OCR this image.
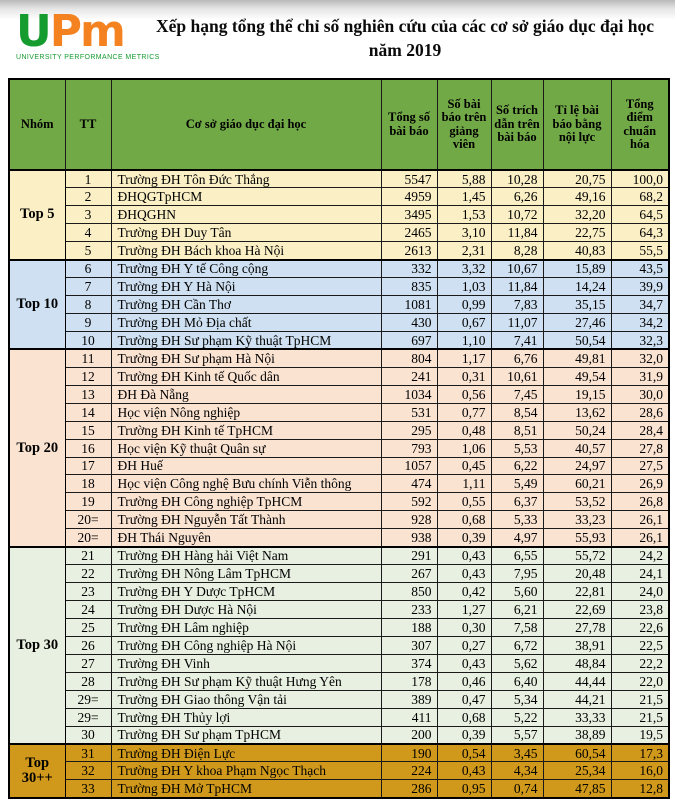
UPm
UNIVERSITY PERFORMANCE METRICS
Xếp hạng tổng thể chỉ số nghiên cứu của các cơ sở giáo dục đại học
năm 2019
Nhóm	TT	Cơ sở giáo dục đại học	Tổng số bài báo	Số bài báo trên giảng viên	Số trích dẫn trên bài báo	Tỉ lệ bài báo bằng nội lực	Tổng điểm chuẩn hóa
Top 5	1	Trường ĐH Tôn Đức Thắng	5547	5,88	10,28	20,75	100,0
	2	ĐHQGTpHCM	4959	1,45	6,26	49,16	68,2
	3	ĐHQGHN	3495	1,53	10,72	32,20	64,5
	4	Trường ĐH Duy Tân	2465	3,10	11,84	22,75	64,3
	5	Trường ĐH Bách khoa Hà Nội	2613	2,31	8,28	40,83	55,5
Top 10	6	Trường ĐH Y tế Công cộng	332	3,32	10,67	15,89	43,5
	7	Trường ĐH Y Hà Nội	835	1,03	11,84	14,24	39,9
	8	Trường ĐH Cần Thơ	1081	0,99	7,83	35,15	34,7
	9	Trường ĐH Mỏ Địa chất	430	0,67	11,07	27,46	34,2
	10	Trường ĐH Sư phạm Kỹ thuật TpHCM	697	1,10	7,41	50,54	32,3
Top 20	11	Trường ĐH Sư phạm Hà Nội	804	1,17	6,76	49,81	32,0
	12	Trường ĐH Kinh tế Quốc dân	241	0,31	10,61	49,54	31,9
	13	ĐH Đà Nẵng	1034	0,56	7,45	19,15	30,0
	14	Học viện Nông nghiệp	531	0,77	8,54	13,62	28,6
	15	Trường ĐH Kinh tế TpHCM	295	0,48	8,51	50,24	28,4
	16	Học viện Kỹ thuật Quân sự	793	1,06	5,53	40,57	27,8
	17	ĐH Huế	1057	0,45	6,22	24,97	27,5
	18	Học viện Công nghệ Bưu chính Viễn thông	474	1,11	5,49	60,21	26,9
	19	Trường ĐH Công nghiệp TpHCM	592	0,55	6,37	53,52	26,8
	20=	Trường ĐH Nguyễn Tất Thành	928	0,68	5,33	33,23	26,1
	20=	ĐH Thái Nguyên	938	0,39	4,97	55,93	26,1
Top 30	21	Trường ĐH Hàng hải Việt Nam	291	0,43	6,55	55,72	24,2
	22	Trường ĐH Nông Lâm TpHCM	267	0,43	7,95	20,48	24,1
	23	Trường ĐH Y Dược TpHCM	850	0,42	5,60	22,81	24,0
	24	Trường ĐH Dược Hà Nội	233	1,27	6,21	22,69	23,8
	25	Trường ĐH Lâm nghiệp	188	0,30	7,58	27,78	22,6
	26	Trường ĐH Công nghiệp Hà Nội	307	0,27	6,72	38,91	22,5
	27	Trường ĐH Vinh	374	0,43	5,62	48,84	22,2
	28	Trường ĐH Sư phạm Kỹ thuật Hưng Yên	178	0,46	6,40	44,44	22,0
	29=	Trường ĐH Giao thông Vận tải	389	0,47	5,34	44,21	21,5
	29=	Trường ĐH Thủy lợi	411	0,68	5,22	33,33	21,5
	30	Trường ĐH Sư phạm TpHCM	200	0,39	5,57	38,89	19,5
Top 30++	31	Trường ĐH Điện Lực	190	0,54	3,45	60,54	17,3
	32	Trường ĐH Y khoa Phạm Ngọc Thạch	224	0,43	4,34	25,34	16,0
	33	Trường ĐH Mở TpHCM	286	0,95	0,74	47,85	12,8
